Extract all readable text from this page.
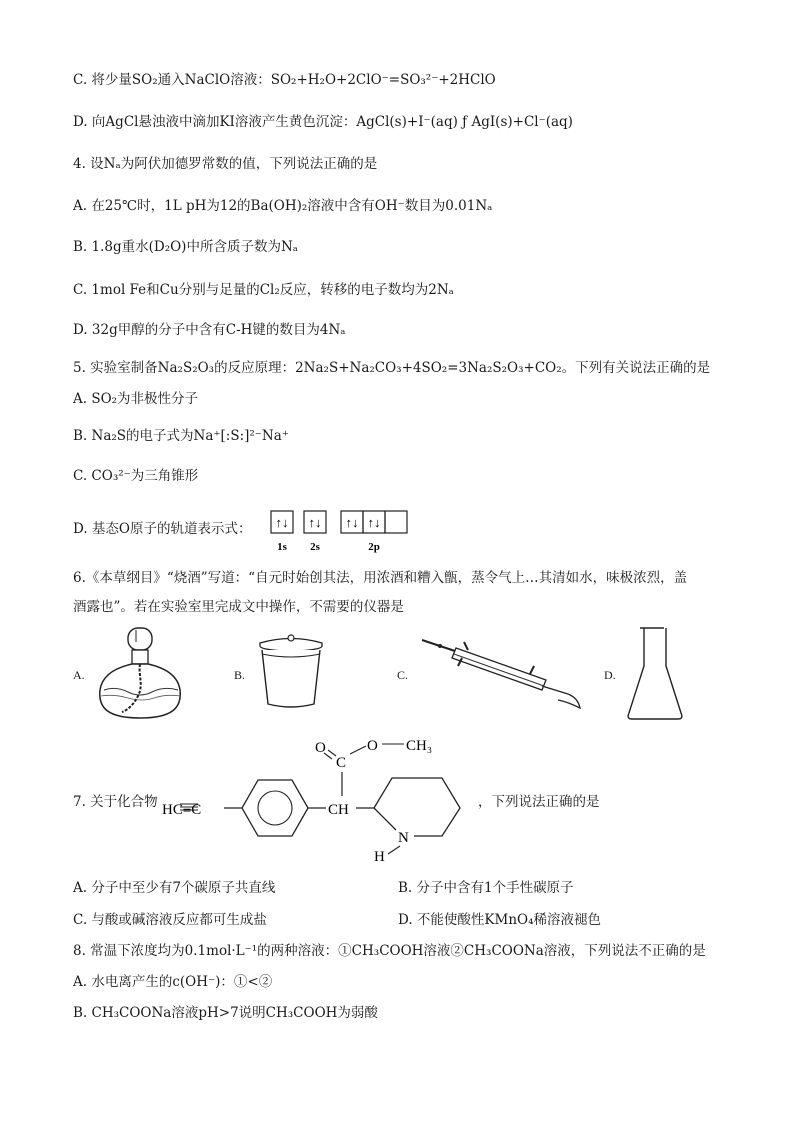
C. 将少量SO₂通入NaClO溶液：SO₂+H₂O+2ClO⁻=SO₃²⁻+2HClO
D. 向AgCl悬浊液中滴加KI溶液产生黄色沉淀：AgCl(s)+I⁻(aq) ƒ AgI(s)+Cl⁻(aq)
4. 设Nₐ为阿伏加德罗常数的值，下列说法正确的是
A. 在25℃时，1L pH为12的Ba(OH)₂溶液中含有OH⁻数目为0.01Nₐ
B. 1.8g重水(D₂O)中所含质子数为Nₐ
C. 1mol Fe和Cu分别与足量的Cl₂反应，转移的电子数均为2Nₐ
D. 32g甲醇的分子中含有C-H键的数目为4Nₐ
5. 实验室制备Na₂S₂O₃的反应原理：2Na₂S+Na₂CO₃+4SO₂=3Na₂S₂O₃+CO₂。下列有关说法正确的是
A. SO₂为非极性分子
B. Na₂S的电子式为Na⁺[:S:]²⁻Na⁺
C. CO₃²⁻为三角锥形
D. 基态O原子的轨道表示式： ↑↓ ↑↓ ↑↓ ↑↓
1s 2s	2p
6.《本草纲目》“烧酒”写道：“自元时始创其法，用浓酒和糟入甑，蒸令气上…其清如水，味极浓烈，盖
酒露也”。若在实验室里完成文中操作，不需要的仪器是
A.	B.	C.	D.
7. 关于化合物 HC≡C	CH
C
O	O CH₃
N
H
，下列说法正确的是
A. 分子中至少有7个碳原子共直线	B. 分子中含有1个手性碳原子
C. 与酸或碱溶液反应都可生成盐	D. 不能使酸性KMnO₄稀溶液褪色
8. 常温下浓度均为0.1mol·L⁻¹的两种溶液：①CH₃COOH溶液②CH₃COONa溶液，下列说法不正确的是
A. 水电离产生的c(OH⁻)：①<②
B. CH₃COONa溶液pH>7说明CH₃COOH为弱酸
